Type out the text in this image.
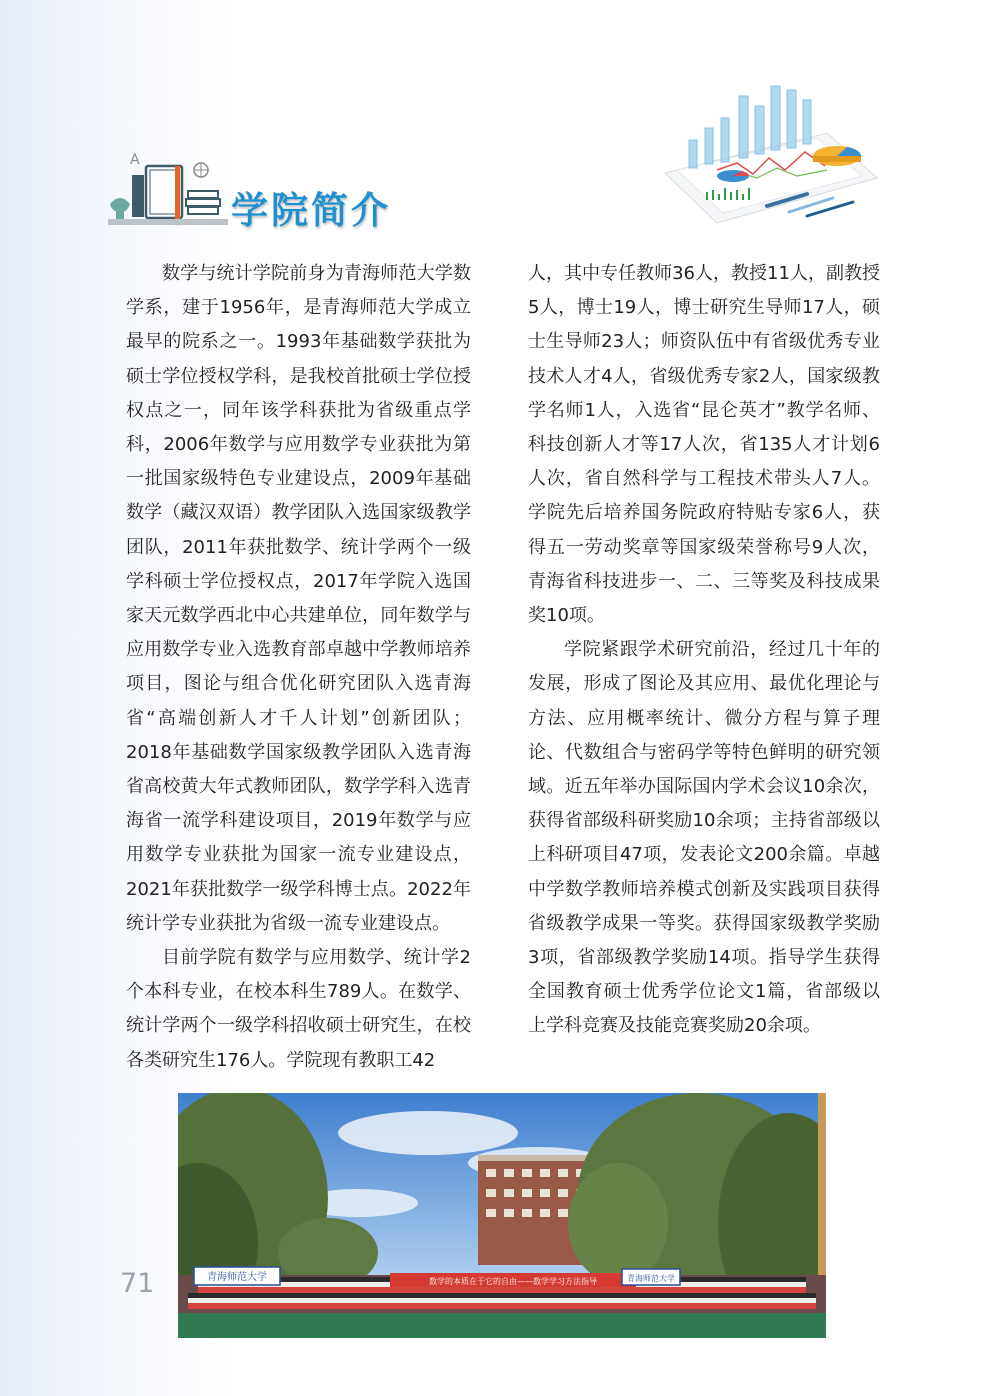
A
学院简介

数学与统计学院前身为青海师范大学数学系，建于1956年，是青海师范大学成立最早的院系之一。1993年基础数学获批为硕士学位授权学科，是我校首批硕士学位授权点之一，同年该学科获批为省级重点学科，2006年数学与应用数学专业获批为第一批国家级特色专业建设点，2009年基础数学（藏汉双语）教学团队入选国家级教学团队，2011年获批数学、统计学两个一级学科硕士学位授权点，2017年学院入选国家天元数学西北中心共建单位，同年数学与应用数学专业入选教育部卓越中学教师培养项目，图论与组合优化研究团队入选青海省“高端创新人才千人计划”创新团队；2018年基础数学国家级教学团队入选青海省高校黄大年式教师团队，数学学科入选青海省一流学科建设项目，2019年数学与应用数学专业获批为国家一流专业建设点，2021年获批数学一级学科博士点。2022年统计学专业获批为省级一流专业建设点。

目前学院有数学与应用数学、统计学2个本科专业，在校本科生789人。在数学、统计学两个一级学科招收硕士研究生，在校各类研究生176人。学院现有教职工42

人，其中专任教师36人，教授11人，副教授5人，博士19人，博士研究生导师17人，硕士生导师23人；师资队伍中有省级优秀专业技术人才4人，省级优秀专家2人，国家级教学名师1人，入选省“昆仑英才”教学名师、科技创新人才等17人次，省135人才计划6人次，省自然科学与工程技术带头人7人。学院先后培养国务院政府特贴专家6人，获得五一劳动奖章等国家级荣誉称号9人次，青海省科技进步一、二、三等奖及科技成果奖10项。

学院紧跟学术研究前沿，经过几十年的发展，形成了图论及其应用、最优化理论与方法、应用概率统计、微分方程与算子理论、代数组合与密码学等特色鲜明的研究领域。近五年举办国际国内学术会议10余次，获得省部级科研奖励10余项；主持省部级以上科研项目47项，发表论文200余篇。卓越中学数学教师培养模式创新及实践项目获得省级教学成果一等奖。获得国家级教学奖励3项，省部级教学奖励14项。指导学生获得全国教育硕士优秀学位论文1篇，省部级以上学科竞赛及技能竞赛奖励20余项。

青海师范大学	数学的本质在于它的自由——数学学习方法指导	青海师范大学
71
